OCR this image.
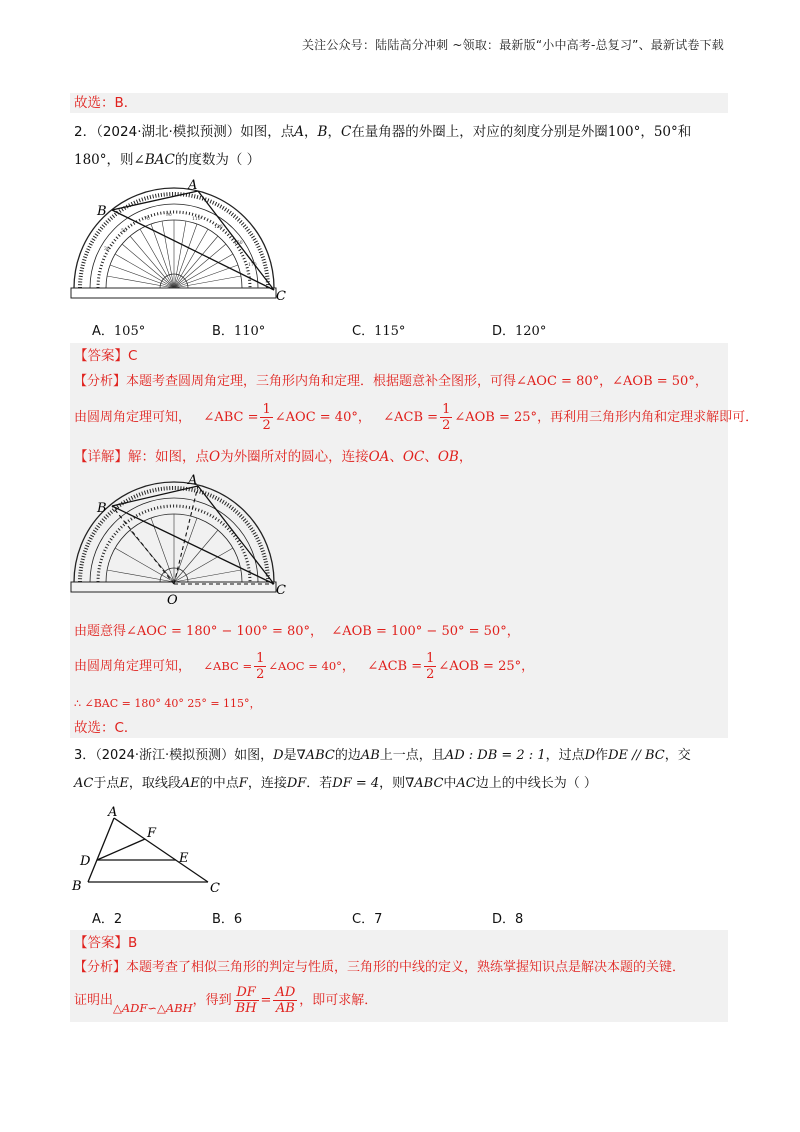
关注公众号：陆陆高分冲刺 ~领取：最新版“小中高考-总复习”、最新试卷下载
故选：B．
2．（2024·湖北·模拟预测）如图，点A，B，C在量角器的外圈上，对应的刻度分别是外圈100°，50°和
180°，则∠BAC的度数为（ ）
90
70
50
30
110
130
150
170
A
B
C
A．105°	B．110°	C．115°	D．120°
【答案】C
【分析】本题考查圆周角定理，三角形内角和定理．根据题意补全图形，可得∠AOC = 80°，∠AOB = 50°，
由圆周角定理可知， ∠ABC = $\frac{1}{2}$ ∠AOC = 40°， ∠ACB = $\frac{1}{2}$ ∠AOB = 25°，再利用三角形内角和定理求解即可．
【详解】解：如图，点O为外圈所对的圆心，连接OA、OC、OB，
A
B
C
O
由题意得∠AOC = 180° − 100° = 80°， ∠AOB = 100° − 50° = 50°，
由圆周角定理可知， ∠ABC = $\frac{1}{2}$ ∠AOC = 40°， ∠ACB = $\frac{1}{2}$ ∠AOB = 25°，
∴ ∠BAC = 180° 40° 25° = 115°，
故选：C．
3．（2024·浙江·模拟预测）如图，D是∇ABC的边AB上一点，且AD : DB = 2 : 1，过点D作DE // BC，交
AC于点E，取线段AE的中点F，连接DF．若DF = 4，则∇ABC中AC边上的中线长为（ ）
A
B	C
D	E
F
A．2	B．6	C．7	D．8
【答案】B
【分析】本题考查了相似三角形的判定与性质，三角形的中线的定义，熟练掌握知识点是解决本题的关键．
证明出△ADF∽△ABH，得到 $\frac{DF}{BH} = \frac{AD}{AB}$ ，即可求解．
